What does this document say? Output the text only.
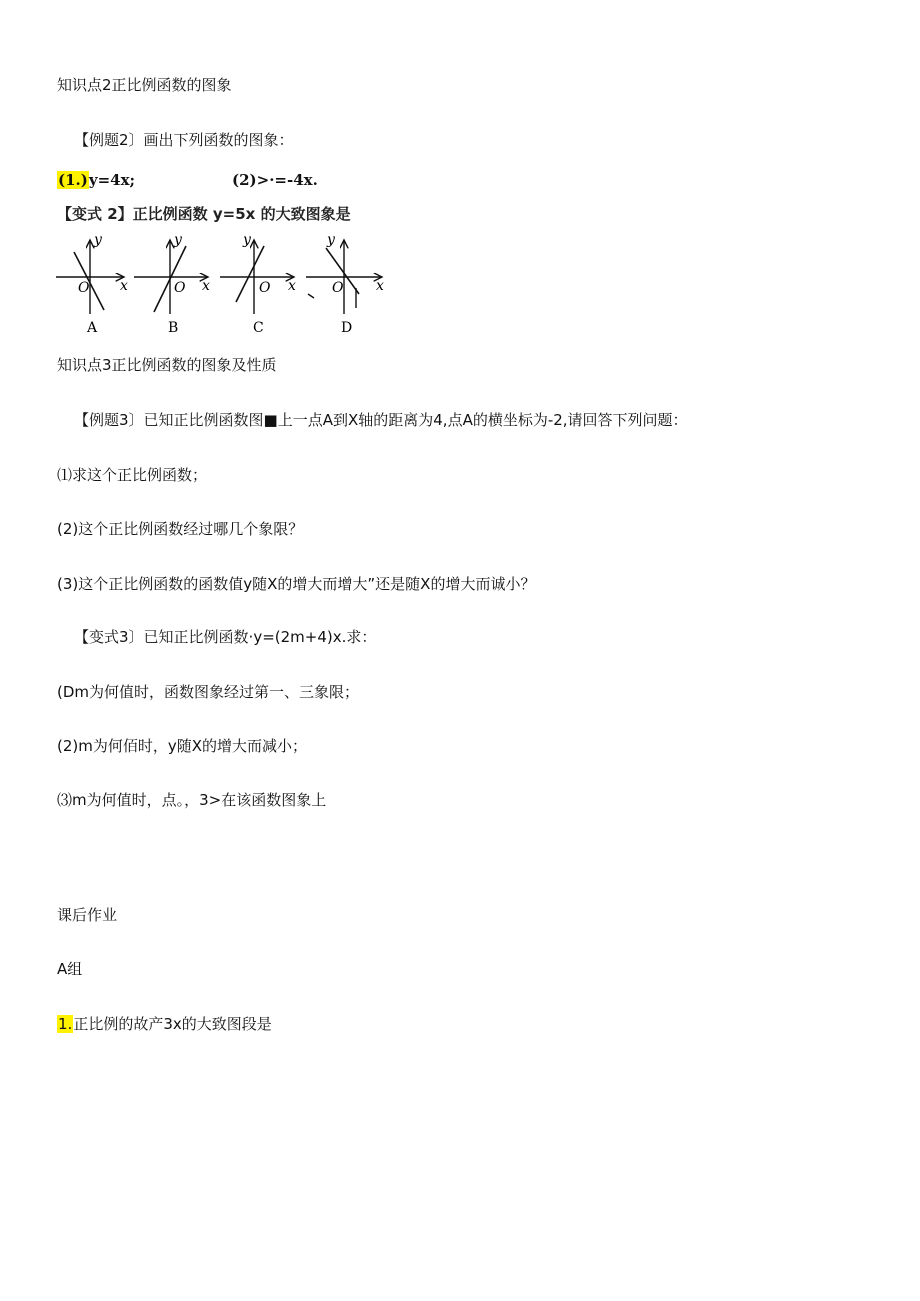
知识点2正比例函数的图象
【例题2〕画出下列函数的图象：
(1.)y=4x;	(2)>·=-4x.
【变式 2】正比例函数 y=5x 的大致图象是
y
x
O
A
y
x
O
B
y
x
O
C
y
x
O
D
知识点3正比例函数的图象及性质
【例题3〕已知正比例函数图■上一点A到X轴的距离为4,点A的横坐标为-2,请回答下列问题：
⑴求这个正比例函数；
(2)这个正比例函数经过哪几个象限？
(3)这个正比例函数的函数值y随X的增大而增大”还是随X的增大而诚小？
【变式3〕已知正比例函数·y=(2m+4)x.求：
(Dm为何值时，函数图象经过第一、三象限；
(2)m为何佰时，y随X的增大而减小；
⑶m为何值时，点。，3>在该函数图象上
课后作业
A组
1.正比例的故产3x的大致图段是
